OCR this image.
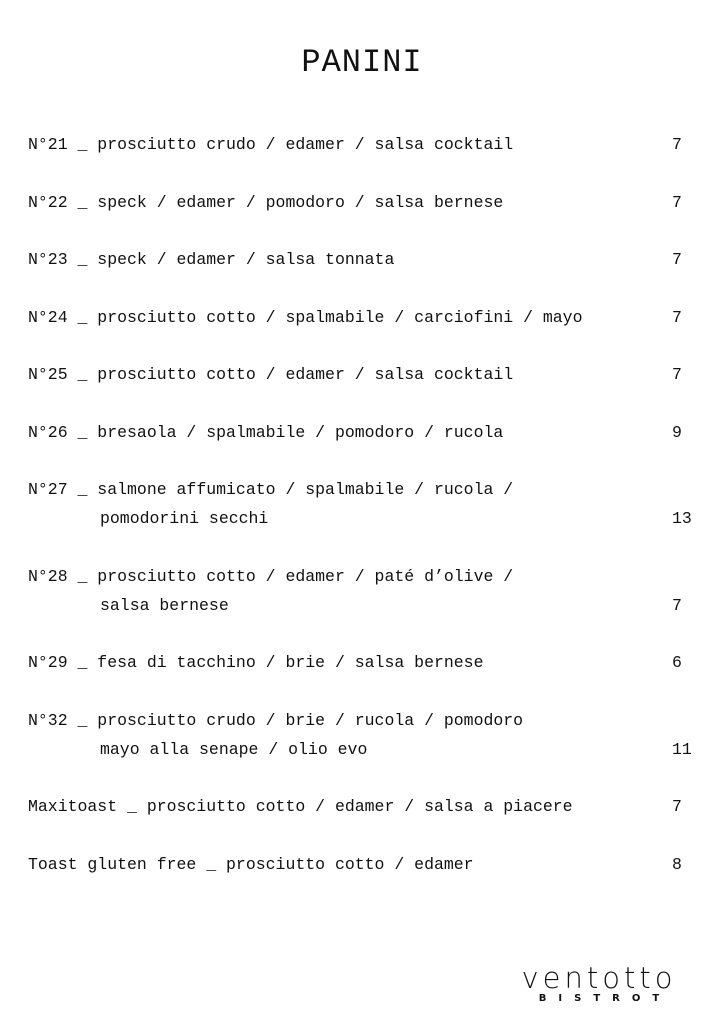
PANINI
N°21 _ prosciutto crudo / edamer / salsa cocktail	7
N°22 _ speck / edamer / pomodoro / salsa bernese	7
N°23 _ speck / edamer / salsa tonnata	7
N°24 _ prosciutto cotto / spalmabile / carciofini / mayo	7
N°25 _ prosciutto cotto / edamer / salsa cocktail	7
N°26 _ bresaola / spalmabile / pomodoro / rucola	9
N°27 _ salmone affumicato / spalmabile / rucola /
pomodorini secchi	13
N°28 _ prosciutto cotto / edamer / paté d’olive /
salsa bernese	7
N°29 _ fesa di tacchino / brie / salsa bernese	6
N°32 _ prosciutto crudo / brie / rucola / pomodoro
mayo alla senape / olio evo	11
Maxitoast _ prosciutto cotto / edamer / salsa a piacere	7
Toast gluten free _ prosciutto cotto / edamer	8
ventotto
BISTROT
